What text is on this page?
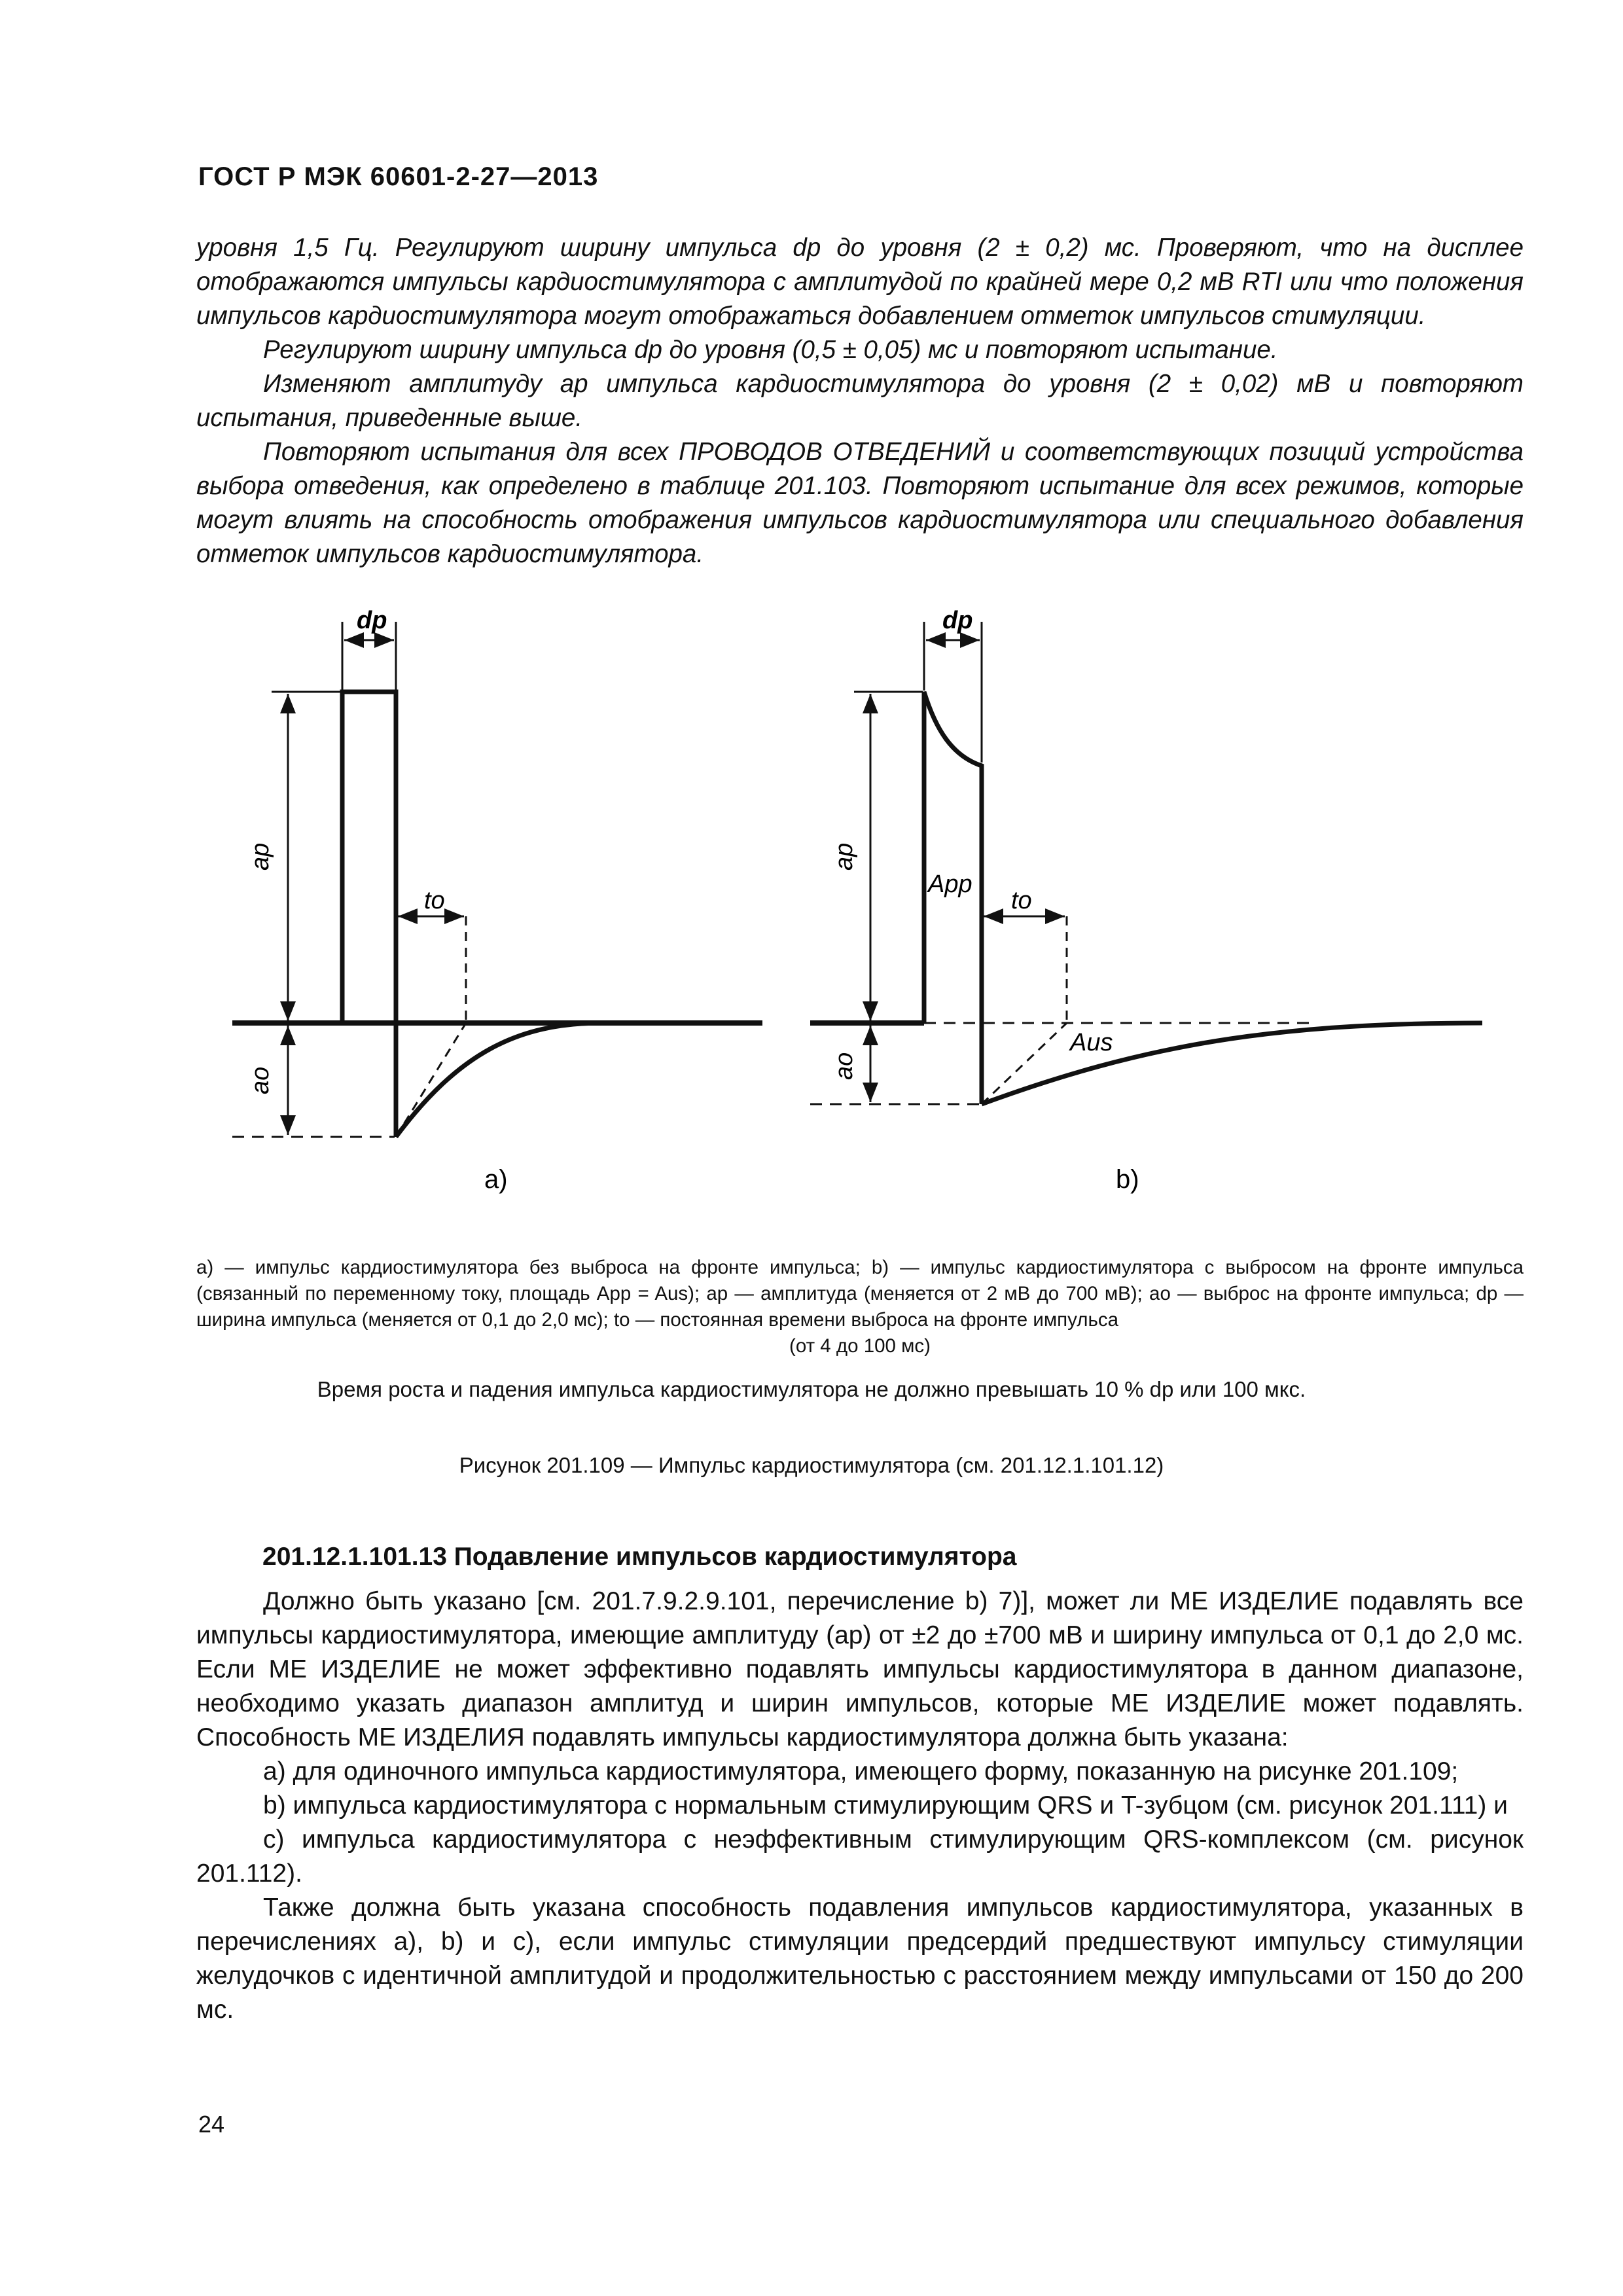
ГОСТ Р МЭК 60601-2-27—2013

уровня 1,5 Гц. Регулируют ширину импульса dp до уровня (2 ± 0,2) мс. Проверяют, что на дисплее отображаются импульсы кардиостимулятора с амплитудой по крайней мере 0,2 мВ RTI или что положения импульсов кардиостимулятора могут отображаться добавлением отметок импульсов стимуляции.

Регулируют ширину импульса dp до уровня (0,5 ± 0,05) мс и повторяют испытание.

Изменяют амплитуду ap импульса кардиостимулятора до уровня (2 ± 0,02) мВ и повторяют испытания, приведенные выше.

Повторяют испытания для всех ПРОВОДОВ ОТВЕДЕНИЙ и соответствующих позиций устройства выбора отведения, как определено в таблице 201.103. Повторяют испытание для всех режимов, которые могут влиять на способность отображения импульсов кардиостимулятора или специального добавления отметок импульсов кардиостимулятора.

dp
ap
ao
to
a)
dp
ap
ao
to
App
Aus
b)
a) — импульс кардиостимулятора без выброса на фронте импульса; b) — импульс кардиостимулятора с выбросом на фронте импульса (связанный по переменному току, площадь App = Aus); ap — амплитуда (меняется от 2 мВ до 700 мВ); ao — выброс на фронте импульса; dp — ширина импульса (меняется от 0,1 до 2,0 мс); to — постоянная времени выброса на фронте импульса
(от 4 до 100 мс)
Время роста и падения импульса кардиостимулятора не должно превышать 10 % dp или 100 мкс.
Рисунок 201.109 — Импульс кардиостимулятора (см. 201.12.1.101.12)
201.12.1.101.13 Подавление импульсов кардиостимулятора

Должно быть указано [см. 201.7.9.2.9.101, перечисление b) 7)], может ли МЕ ИЗДЕЛИЕ подавлять все импульсы кардиостимулятора, имеющие амплитуду (ap) от ±2 до ±700 мВ и ширину импульса от 0,1 до 2,0 мс. Если МЕ ИЗДЕЛИЕ не может эффективно подавлять импульсы кардиостимулятора в данном диапазоне, необходимо указать диапазон амплитуд и ширин импульсов, которые МЕ ИЗДЕЛИЕ может подавлять. Способность МЕ ИЗДЕЛИЯ подавлять импульсы кардиостимулятора должна быть указана:

a) для одиночного импульса кардиостимулятора, имеющего форму, показанную на рисунке 201.109;

b) импульса кардиостимулятора с нормальным стимулирующим QRS и T-зубцом (см. рисунок 201.111) и

c) импульса кардиостимулятора с неэффективным стимулирующим QRS-комплексом (см. рисунок 201.112).

Также должна быть указана способность подавления импульсов кардиостимулятора, указанных в перечислениях a), b) и c), если импульс стимуляции предсердий предшествуют импульсу стимуляции желудочков с идентичной амплитудой и продолжительностью с расстоянием между импульсами от 150 до 200 мс.

24
